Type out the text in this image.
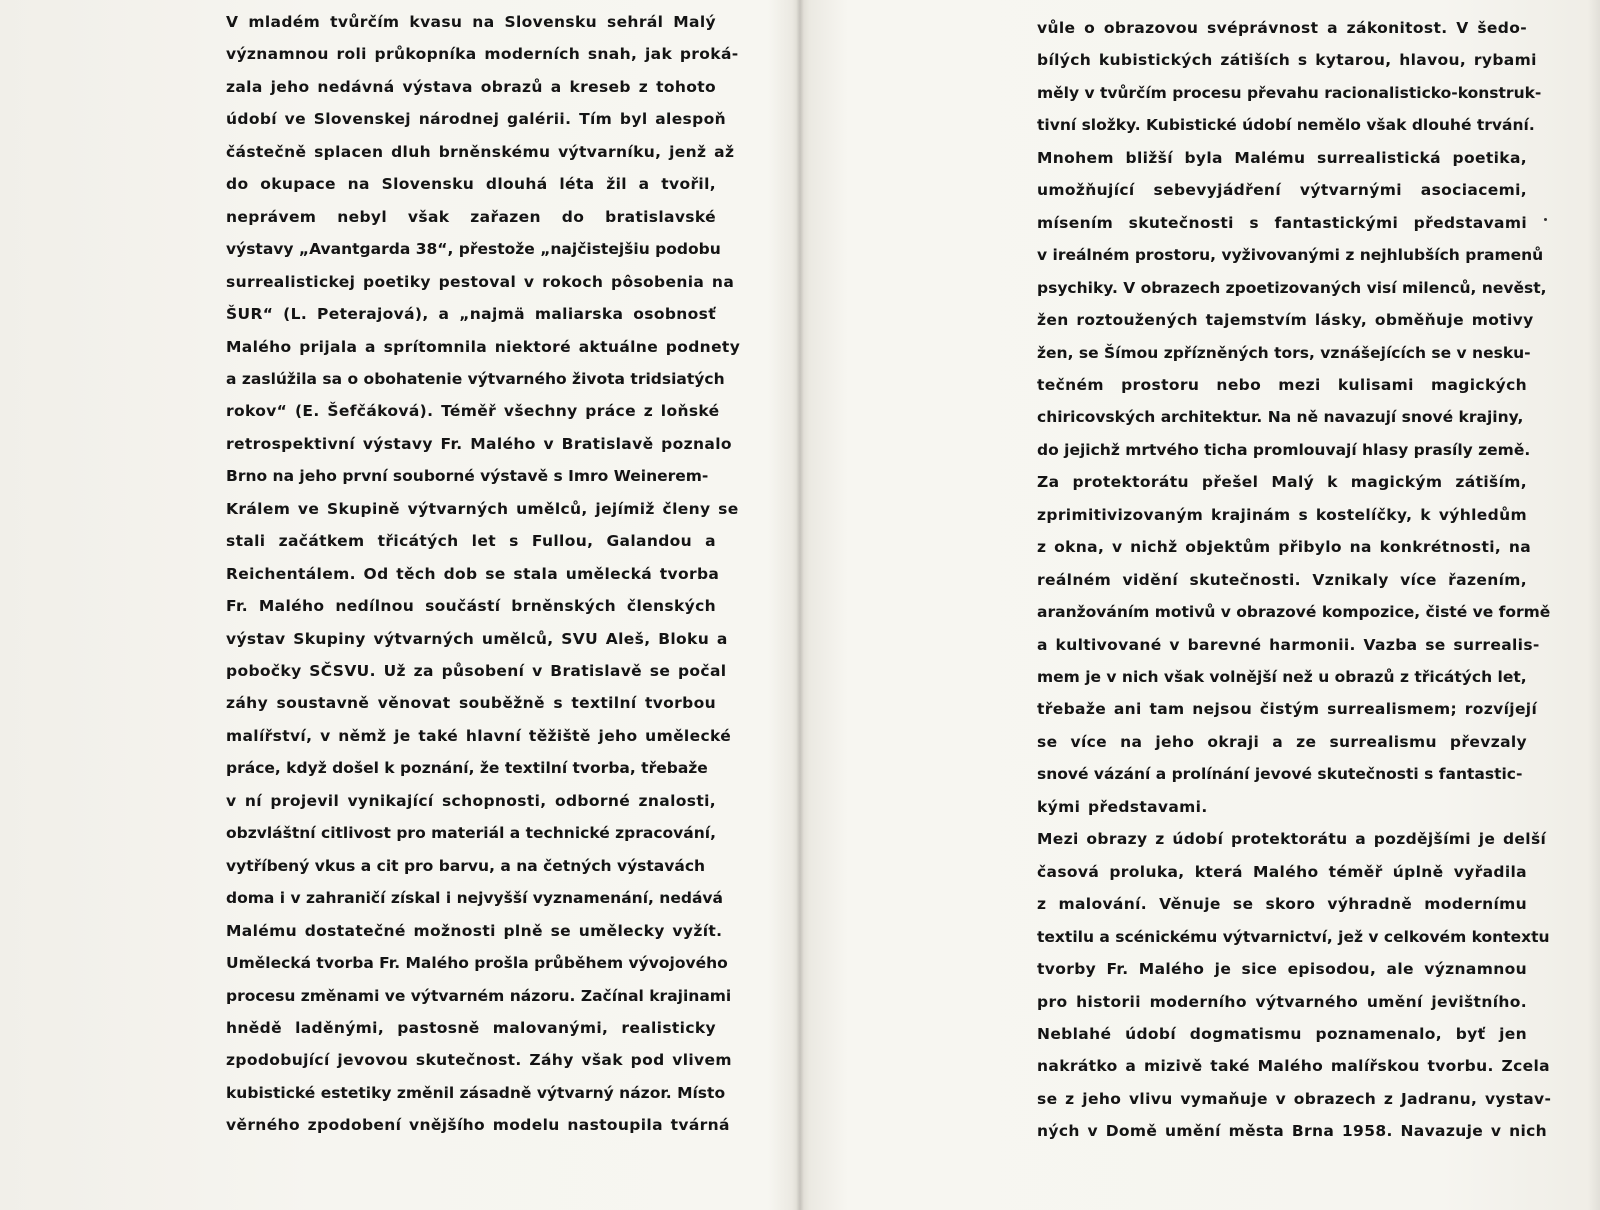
V mladém tvůrčím kvasu na Slovensku sehrál Malý
významnou roli průkopníka moderních snah, jak proká-
zala jeho nedávná výstava obrazů a kreseb z tohoto
údobí ve Slovenskej národnej galérii. Tím byl alespoň
částečně splacen dluh brněnskému výtvarníku, jenž až
do okupace na Slovensku dlouhá léta žil a tvořil,
neprávem nebyl však zařazen do bratislavské
výstavy „Avantgarda 38“, přestože „najčistejšiu podobu
surrealistickej poetiky pestoval v rokoch pôsobenia na
ŠUR“ (L. Peterajová), a „najmä maliarska osobnosť
Malého prijala a sprítomnila niektoré aktuálne podnety
a zaslúžila sa o obohatenie výtvarného života tridsiatých
rokov“ (E. Šefčáková). Téměř všechny práce z loňské
retrospektivní výstavy Fr. Malého v Bratislavě poznalo
Brno na jeho první souborné výstavě s Imro Weinerem-
Králem ve Skupině výtvarných umělců, jejímiž členy se
stali začátkem třicátých let s Fullou, Galandou a
Reichentálem. Od těch dob se stala umělecká tvorba
Fr. Malého nedílnou součástí brněnských členských
výstav Skupiny výtvarných umělců, SVU Aleš, Bloku a
pobočky SČSVU. Už za působení v Bratislavě se počal
záhy soustavně věnovat souběžně s textilní tvorbou
malířství, v němž je také hlavní těžiště jeho umělecké
práce, když došel k poznání, že textilní tvorba, třebaže
v ní projevil vynikající schopnosti, odborné znalosti,
obzvláštní citlivost pro materiál a technické zpracování,
vytříbený vkus a cit pro barvu, a na četných výstavách
doma i v zahraničí získal i nejvyšší vyznamenání, nedává
Malému dostatečné možnosti plně se umělecky vyžít.
Umělecká tvorba Fr. Malého prošla průběhem vývojového
procesu změnami ve výtvarném názoru. Začínal krajinami
hnědě laděnými, pastosně malovanými, realisticky
zpodobující jevovou skutečnost. Záhy však pod vlivem
kubistické estetiky změnil zásadně výtvarný názor. Místo
věrného zpodobení vnějšího modelu nastoupila tvárná
vůle o obrazovou svéprávnost a zákonitost. V šedo-
bílých kubistických zátiších s kytarou, hlavou, rybami
měly v tvůrčím procesu převahu racionalisticko-konstruk-
tivní složky. Kubistické údobí nemělo však dlouhé trvání.
Mnohem bližší byla Malému surrealistická poetika,
umožňující sebevyjádření výtvarnými asociacemi,
mísením skutečnosti s fantastickými představami
v ireálném prostoru, vyživovanými z nejhlubších pramenů
psychiky. V obrazech zpoetizovaných visí milenců, nevěst,
žen roztoužených tajemstvím lásky, obměňuje motivy
žen, se Šímou zpřízněných tors, vznášejících se v nesku-
tečném prostoru nebo mezi kulisami magických
chiricovských architektur. Na ně navazují snové krajiny,
do jejichž mrtvého ticha promlouvají hlasy prasíly země.
Za protektorátu přešel Malý k magickým zátiším,
zprimitivizovaným krajinám s kostelíčky, k výhledům
z okna, v nichž objektům přibylo na konkrétnosti, na
reálném vidění skutečnosti. Vznikaly více řazením,
aranžováním motivů v obrazové kompozice, čisté ve formě
a kultivované v barevné harmonii. Vazba se surrealis-
mem je v nich však volnější než u obrazů z třicátých let,
třebaže ani tam nejsou čistým surrealismem; rozvíjejí
se více na jeho okraji a ze surrealismu převzaly
snové vázání a prolínání jevové skutečnosti s fantastic-
kými představami.
Mezi obrazy z údobí protektorátu a pozdějšími je delší
časová proluka, která Malého téměř úplně vyřadila
z malování. Věnuje se skoro výhradně modernímu
textilu a scénickému výtvarnictví, jež v celkovém kontextu
tvorby Fr. Malého je sice episodou, ale významnou
pro historii moderního výtvarného umění jevištního.
Neblahé údobí dogmatismu poznamenalo, byť jen
nakrátko a mizivě také Malého malířskou tvorbu. Zcela
se z jeho vlivu vymaňuje v obrazech z Jadranu, vystav-
ných v Domě umění města Brna 1958. Navazuje v nich
